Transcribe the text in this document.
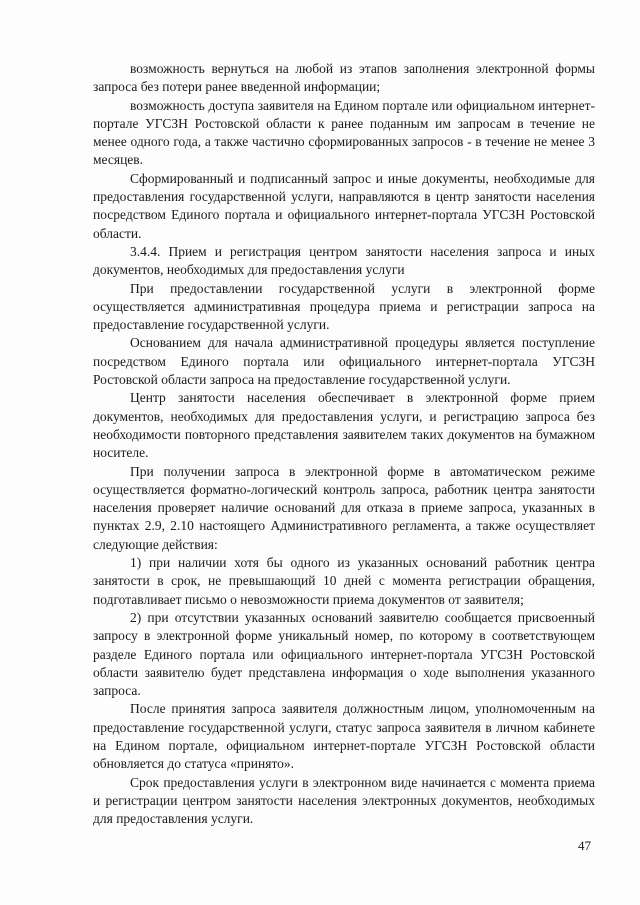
возможность вернуться на любой из этапов заполнения электронной формы запроса без потери ранее введенной информации;

возможность доступа заявителя на Едином портале или официальном интернет-портале УГСЗН Ростовской области к ранее поданным им запросам в течение не менее одного года, а также частично сформированных запросов - в течение не менее 3 месяцев.

Сформированный и подписанный запрос и иные документы, необходимые для предоставления государственной услуги, направляются в центр занятости населения посредством Единого портала и официального интернет-портала УГСЗН Ростовской области.

3.4.4. Прием и регистрация центром занятости населения запроса и иных документов, необходимых для предоставления услуги

При предоставлении государственной услуги в электронной форме осуществляется административная процедура приема и регистрации запроса на предоставление государственной услуги.

Основанием для начала административной процедуры является поступление посредством Единого портала или официального интернет-портала УГСЗН Ростовской области запроса на предоставление государственной услуги.

Центр занятости населения обеспечивает в электронной форме прием документов, необходимых для предоставления услуги, и регистрацию запроса без необходимости повторного представления заявителем таких документов на бумажном носителе.

При получении запроса в электронной форме в автоматическом режиме осуществляется форматно-логический контроль запроса, работник центра занятости населения проверяет наличие оснований для отказа в приеме запроса, указанных в пунктах 2.9, 2.10 настоящего Административного регламента, а также осуществляет следующие действия:

1) при наличии хотя бы одного из указанных оснований работник центра занятости в срок, не превышающий 10 дней с момента регистрации обращения, подготавливает письмо о невозможности приема документов от заявителя;

2) при отсутствии указанных оснований заявителю сообщается присвоенный запросу в электронной форме уникальный номер, по которому в соответствующем разделе Единого портала или официального интернет-портала УГСЗН Ростовской области заявителю будет представлена информация о ходе выполнения указанного запроса.

После принятия запроса заявителя должностным лицом, уполномоченным на предоставление государственной услуги, статус запроса заявителя в личном кабинете на Едином портале, официальном интернет-портале УГСЗН Ростовской области обновляется до статуса «принято».

Срок предоставления услуги в электронном виде начинается с момента приема и регистрации центром занятости населения электронных документов, необходимых для предоставления услуги.

47
